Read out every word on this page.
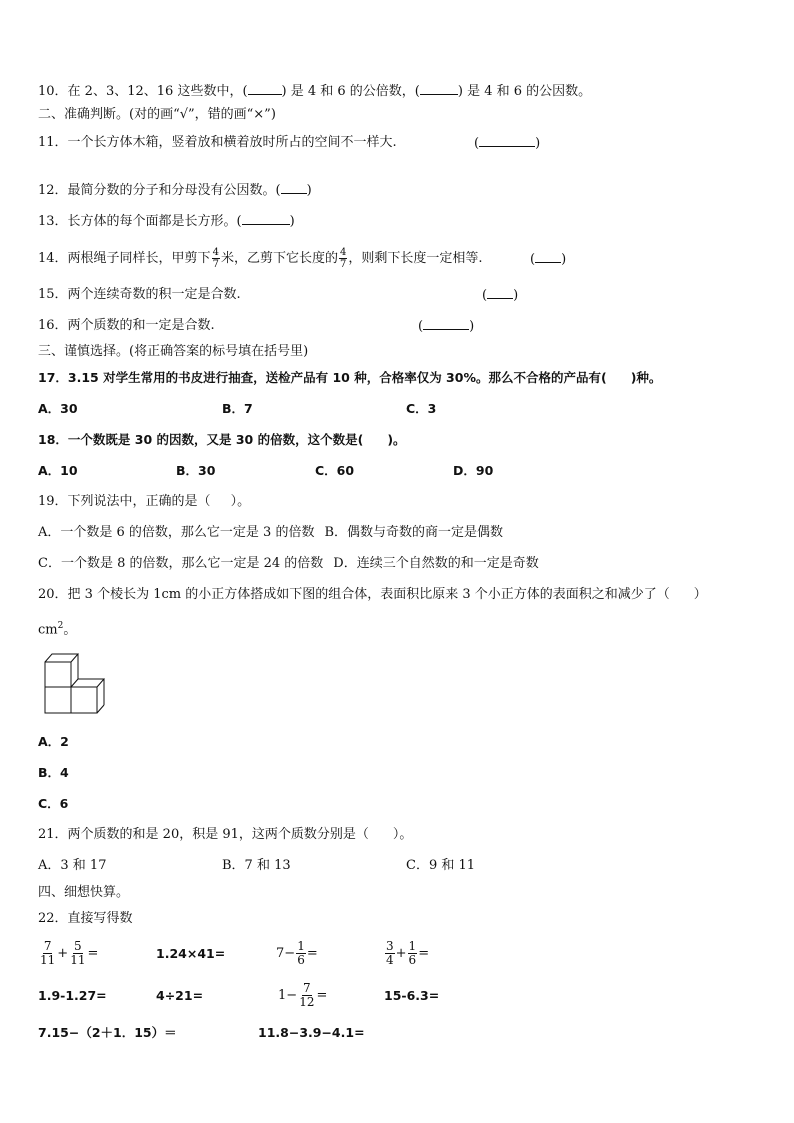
10．在 2、3、12、16 这些数中，(	) 是 4 和 6 的公倍数，(	) 是 4 和 6 的公因数。
二、准确判断。(对的画“√”，错的画“×”)
11．一个长方体木箱，竖着放和横着放时所占的空间不一样大.	(	)
12．最简分数的分子和分母没有公因数。( )
13．长方体的每个面都是长方形。(	)
14．两根绳子同样长，甲剪下 $\frac{4}{7}$ 米，乙剪下它长度的 $\frac{4}{7}$ ，则剩下长度一定相等.	( )
15．两个连续奇数的积一定是合数.	( )
16．两个质数的和一定是合数.	(	)
三、谨慎选择。(将正确答案的标号填在括号里)
17．3.15 对学生常用的书皮进行抽查，送检产品有 10 种，合格率仅为 30%。那么不合格的产品有( )种。
A．30	B．7	C．3
18．一个数既是 30 的因数，又是 30 的倍数，这个数是( )。
A．10	B．30	C．60	D．90
19．下列说法中，正确的是（ ）。
A．一个数是 6 的倍数，那么它一定是 3 的倍数 B．偶数与奇数的商一定是偶数
C．一个数是 8 的倍数，那么它一定是 24 的倍数 D．连续三个自然数的和一定是奇数
20．把 3 个棱长为 1cm 的小正方体搭成如下图的组合体，表面积比原来 3 个小正方体的表面积之和减少了（ ）
$cm^2$。
A．2
B．4
C．6
21．两个质数的和是 20，积是 91，这两个质数分别是（ ）。
A．3 和 17	B．7 和 13	C．9 和 11
四、细想快算。
22．直接写得数
$\frac{7}{11} + \frac{5}{11}$ =	1.24×41=	$7- \frac{1}{6}$ =	$\frac{3}{4} + \frac{1}{6}$ =
1.9-1.27=	4÷21=	$1- \frac{7}{12}$ =	15-6.3=
7.15−（2＋1．15）＝	11.8−3.9−4.1=
